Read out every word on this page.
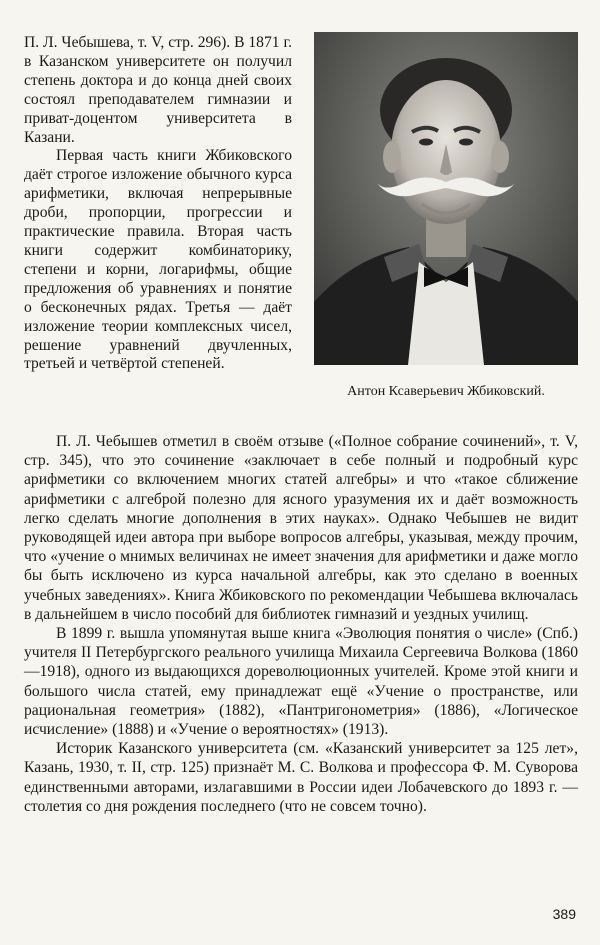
П. Л. Чебышева, т. V, стр. 296). В 1871 г. в Казанском университете он получил степень доктора и до конца дней своих состоял преподавателем гимназии и приват-доцентом университета в Казани.

Первая часть книги Жбиковского даёт строгое изложение обычного курса арифметики, включая непрерывные дроби, пропорции, прогрессии и практические правила. Вторая часть книги содержит комбинаторику, степени и корни, логарифмы, общие предложения об уравнениях и понятие о бесконечных рядах. Третья — даёт изложение теории комплексных чисел, решение уравнений двучленных, третьей и четвёртой степеней.

Антон Ксаверьевич Жбиковский.

П. Л. Чебышев отметил в своём отзыве («Полное собрание сочинений», т. V, стр. 345), что это сочинение «заключает в себе полный и подробный курс арифметики со включением многих статей алгебры» и что «такое сближение арифметики с алгеброй полезно для ясного уразумения их и даёт возможность легко сделать многие дополнения в этих науках». Однако Чебышев не видит руководящей идеи автора при выборе вопросов алгебры, указывая, между прочим, что «учение о мнимых величинах не имеет значения для арифметики и даже могло бы быть исключено из курса начальной алгебры, как это сделано в военных учебных заведениях». Книга Жбиковского по рекомендации Чебышева включалась в дальнейшем в число пособий для библиотек гимназий и уездных училищ.

В 1899 г. вышла упомянутая выше книга «Эволюция понятия о числе» (Спб.) учителя II Петербургского реального училища Михаила Сергеевича Волкова (1860—1918), одного из выдающихся дореволюционных учителей. Кроме этой книги и большого числа статей, ему принадлежат ещё «Учение о пространстве, или рациональная геометрия» (1882), «Пантригонометрия» (1886), «Логическое исчисление» (1888) и «Учение о вероятностях» (1913).

Историк Казанского университета (см. «Казанский университет за 125 лет», Казань, 1930, т. II, стр. 125) признаёт М. С. Волкова и профессора Ф. М. Суворова единственными авторами, излагавшими в России идеи Лобачевского до 1893 г. — столетия со дня рождения последнего (что не совсем точно).

389
